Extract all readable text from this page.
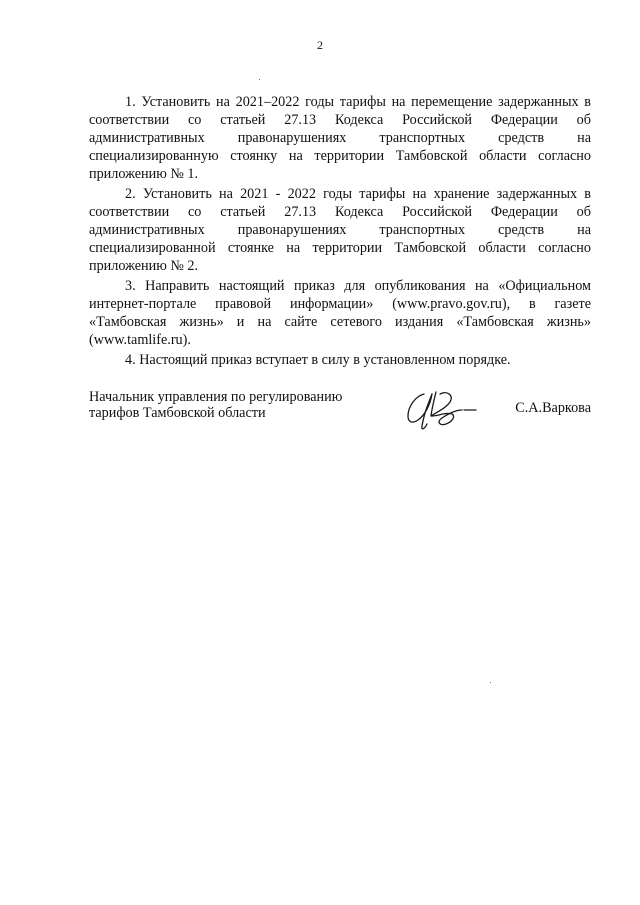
2

1. Установить на 2021–2022 годы тарифы на перемещение задержанных в соответствии со статьей 27.13 Кодекса Российской Федерации об административных правонарушениях транспортных средств на специализированную стоянку на территории Тамбовской области согласно приложению № 1.

2. Установить на 2021 - 2022 годы тарифы на хранение задержанных в соответствии со статьей 27.13 Кодекса Российской Федерации об административных правонарушениях транспортных средств на специализированной стоянке на территории Тамбовской области согласно приложению № 2.

3. Направить настоящий приказ для опубликования на «Официальном интернет-портале правовой информации» (www.pravo.gov.ru), в газете «Тамбовская жизнь» и на сайте сетевого издания «Тамбовская жизнь» (www.tamlife.ru).

4. Настоящий приказ вступает в силу в установленном порядке.

Начальник управления по регулированию
тарифов Тамбовской области	С.А.Варкова
